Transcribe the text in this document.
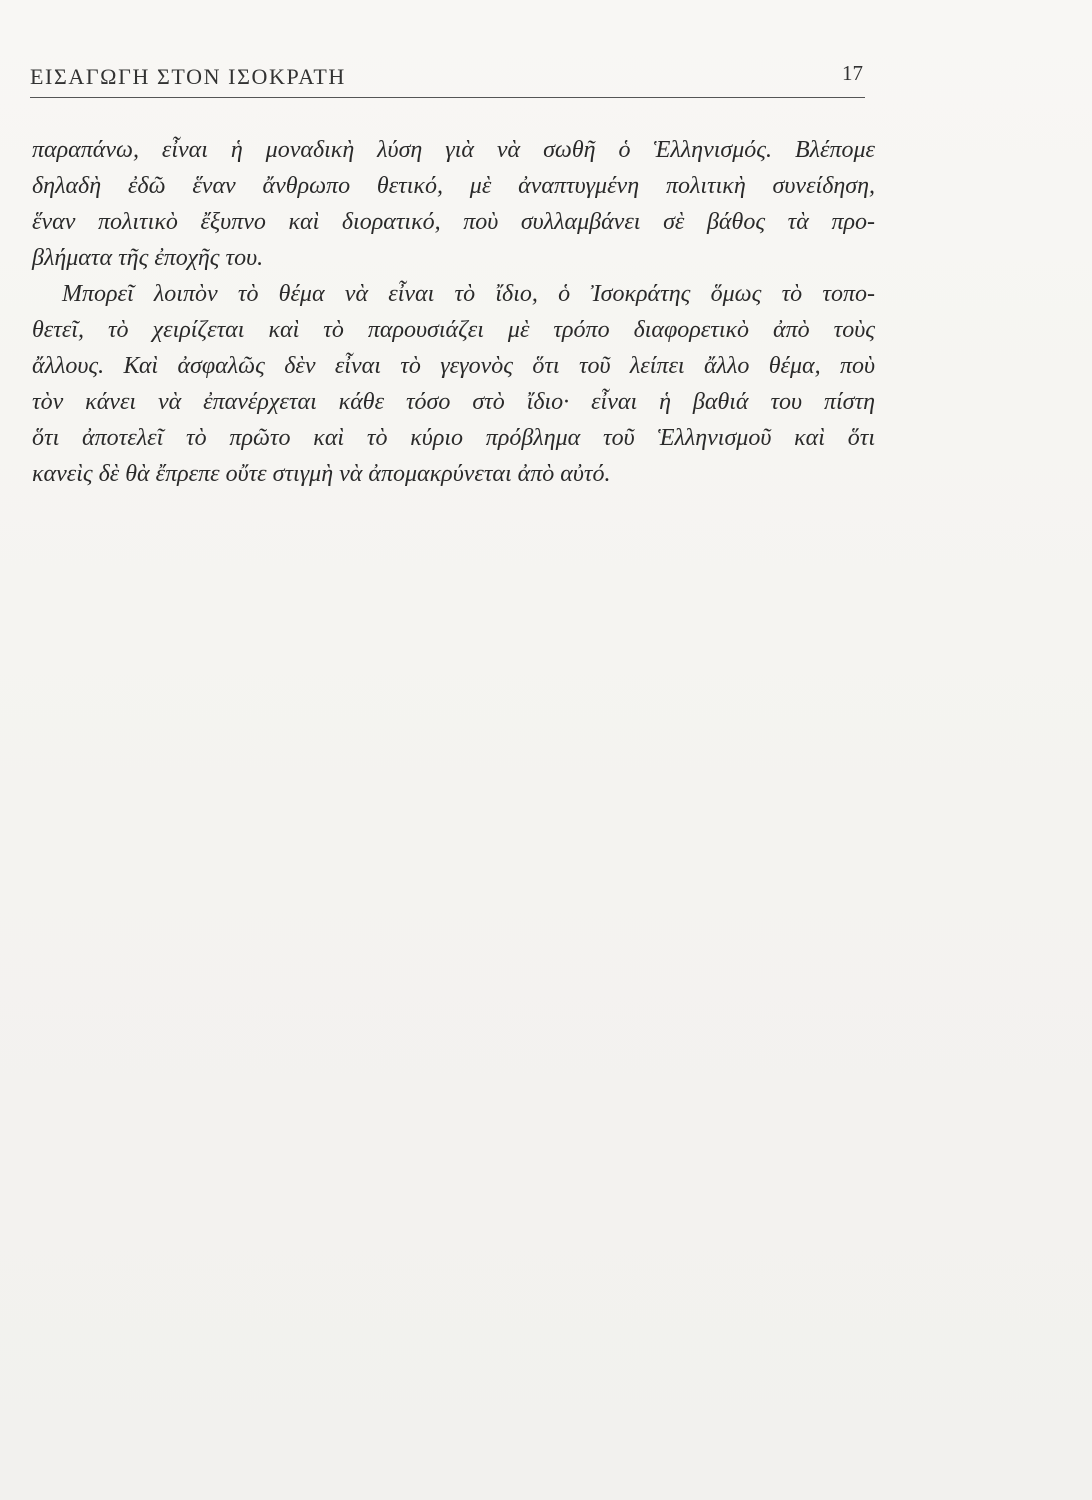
ΕΙΣΑΓΩΓΗ ΣΤΟΝ ΙΣΟΚΡΑΤΗ	17
παραπάνω, εἶναι ἡ μοναδικὴ λύση γιὰ νὰ σωθῆ ὁ Ἑλληνισμός. Βλέπομε
δηλαδὴ ἐδῶ ἕναν ἄνθρωπο θετικό, μὲ ἀναπτυγμένη πολιτικὴ συνείδηση,
ἕναν πολιτικὸ ἔξυπνο καὶ διορατικό, ποὺ συλλαμβάνει σὲ βάθος τὰ προ-
βλήματα τῆς ἐποχῆς του.
Μπορεῖ λοιπὸν τὸ θέμα νὰ εἶναι τὸ ἴδιο, ὁ Ἰσοκράτης ὅμως τὸ τοπο-
θετεῖ, τὸ χειρίζεται καὶ τὸ παρουσιάζει μὲ τρόπο διαφορετικὸ ἀπὸ τοὺς
ἄλλους. Καὶ ἀσφαλῶς δὲν εἶναι τὸ γεγονὸς ὅτι τοῦ λείπει ἄλλο θέμα, ποὺ
τὸν κάνει νὰ ἐπανέρχεται κάθε τόσο στὸ ἴδιο· εἶναι ἡ βαθιά του πίστη
ὅτι ἀποτελεῖ τὸ πρῶτο καὶ τὸ κύριο πρόβλημα τοῦ Ἑλληνισμοῦ καὶ ὅτι
κανεὶς δὲ θὰ ἔπρεπε οὔτε στιγμὴ νὰ ἀπομακρύνεται ἀπὸ αὐτό.
